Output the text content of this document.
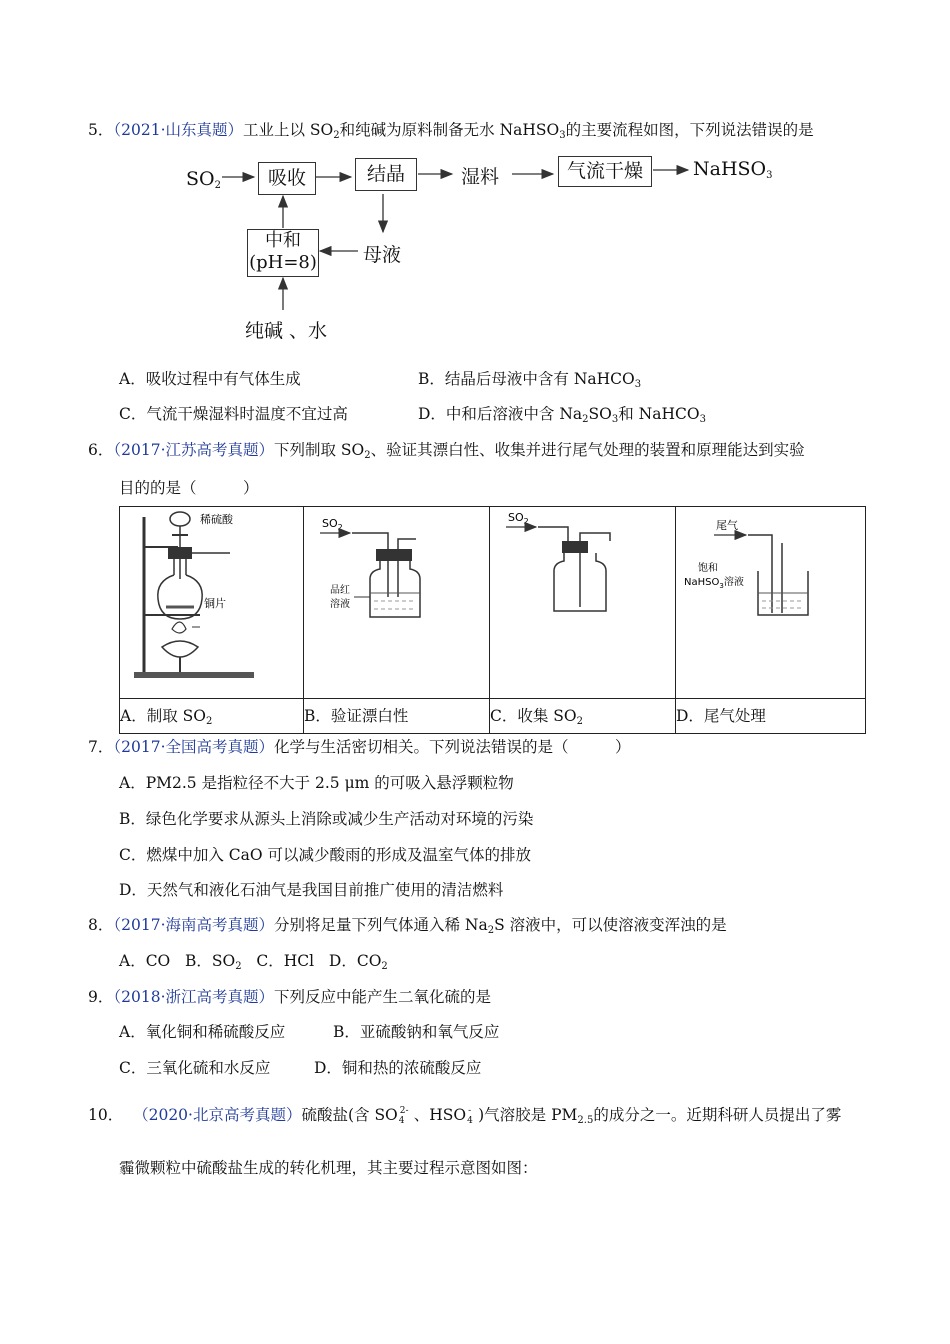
5．（2021·山东真题）工业上以 $SO_2$和纯碱为原料制备无水 NaHSO$_3$的主要流程如图，下列说法错误的是
$SO_2$	吸收	结晶	湿料	气流干燥	NaHSO$_3$
中和
(pH=8) 母液
纯碱 、水
A．吸收过程中有气体生成	B．结晶后母液中含有 NaHCO$_3$
C．气流干燥湿料时温度不宜过高	D．中和后溶液中含 $Na_2SO_3$和 NaHCO$_3$
6．（2017·江苏高考真题）下列制取 $SO_2$、验证其漂白性、收集并进行尾气处理的装置和原理能达到实验
目的的是（　　　）
稀硫酸
铜片	$SO_2$
品红
溶液	$SO_2$	尾气
饱和
NaHSO$_3$溶液

A．制取 $SO_2$	B．验证漂白性	C．收集 $SO_2$	D．尾气处理
7．（2017·全国高考真题）化学与生活密切相关。下列说法错误的是（　　　）
A．PM2.5 是指粒径不大于 2.5 μm 的可吸入悬浮颗粒物
B．绿色化学要求从源头上消除或减少生产活动对环境的污染
C．燃煤中加入 CaO 可以减少酸雨的形成及温室气体的排放
D．天然气和液化石油气是我国目前推广使用的清洁燃料
8．（2017·海南高考真题）分别将足量下列气体通入稀 $Na_2S$ 溶液中，可以使溶液变浑浊的是
A．CO B．$SO_2$ C．HCl D．$CO_2$
9．（2018·浙江高考真题）下列反应中能产生二氧化硫的是
A．氧化铜和稀硫酸反应	B．亚硫酸钠和氧气反应
C．三氧化硫和水反应	D．铜和热的浓硫酸反应
10． （2020·北京高考真题）硫酸盐(含 SO 2-
4 、HSO -
4 )气溶胶是 $PM_{2.5}$的成分之一。近期科研人员提出了雾
霾微颗粒中硫酸盐生成的转化机理，其主要过程示意图如图：
